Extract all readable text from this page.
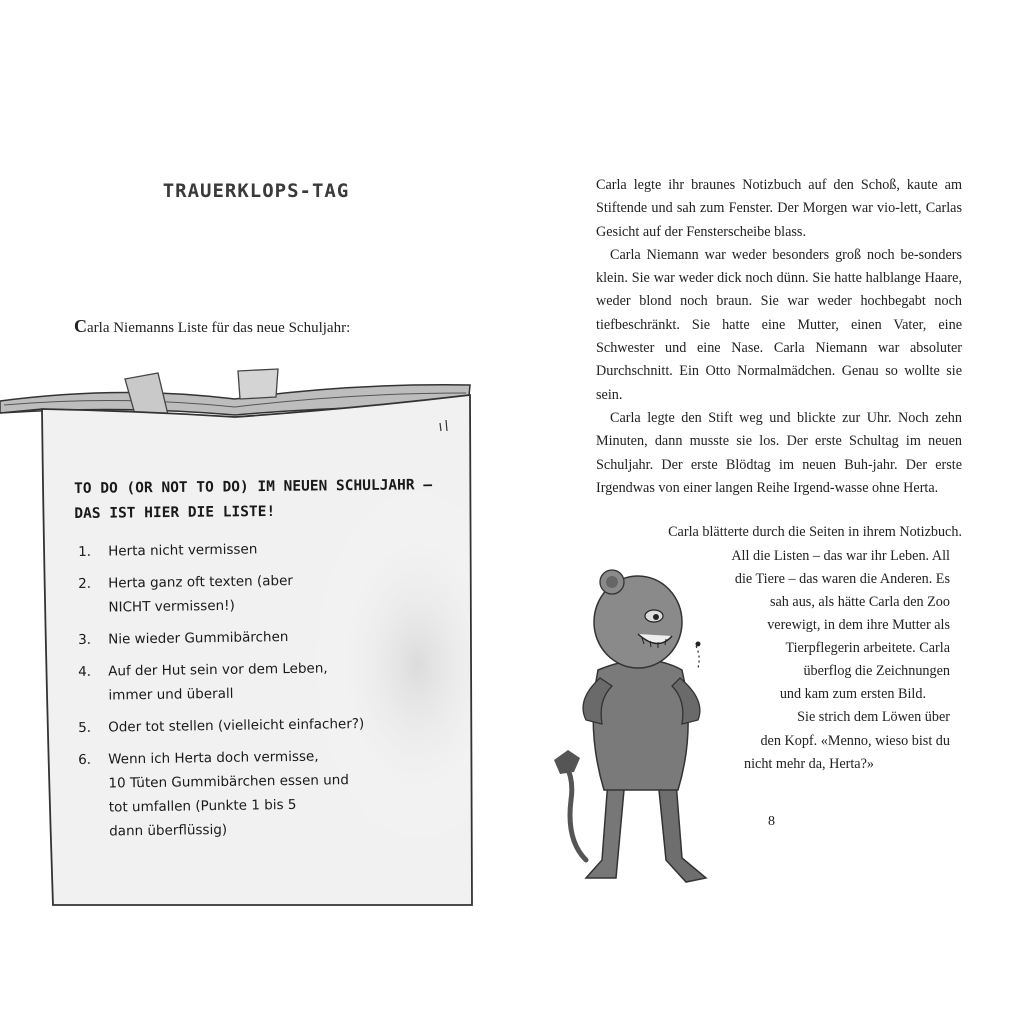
TRAUERKLOPS-TAG
Carla Niemanns Liste für das neue Schuljahr:
TO DO (OR NOT TO DO) IM NEUEN SCHULJAHR –
DAS IST HIER DIE LISTE!
1. Herta nicht vermissen
2. Herta ganz oft texten (aber
NICHT vermissen!)
3. Nie wieder Gummibärchen
4. Auf der Hut sein vor dem Leben,
immer und überall
5. Oder tot stellen (vielleicht einfacher?)
6. Wenn ich Herta doch vermisse,
10 Tüten Gummibärchen essen und
tot umfallen (Punkte 1 bis 5
dann überflüssig)

Carla legte ihr braunes Notizbuch auf den Schoß, kaute am Stiftende und sah zum Fenster. Der Morgen war vio-lett, Carlas Gesicht auf der Fensterscheibe blass.

Carla Niemann war weder besonders groß noch be-sonders klein. Sie war weder dick noch dünn. Sie hatte halblange Haare, weder blond noch braun. Sie war weder hochbegabt noch tiefbeschränkt. Sie hatte eine Mutter, einen Vater, eine Schwester und eine Nase. Carla Niemann war absoluter Durchschnitt. Ein Otto Normalmädchen. Genau so wollte sie sein.

Carla legte den Stift weg und blickte zur Uhr. Noch zehn Minuten, dann musste sie los. Der erste Schultag im neuen Schuljahr. Der erste Blödtag im neuen Buh-jahr. Der erste Irgendwas von einer langen Reihe Irgend-wasse ohne Herta.

Carla blätterte durch die Seiten in ihrem Notizbuch.
All die Listen – das war ihr Leben. All
die Tiere – das waren die Anderen. Es
sah aus, als hätte Carla den Zoo
verewigt, in dem ihre Mutter als
Tierpflegerin arbeitete. Carla
überflog die Zeichnungen
und kam zum ersten Bild.
Sie strich dem Löwen über
den Kopf. «Menno, wieso bist du
nicht mehr da, Herta?»
8
